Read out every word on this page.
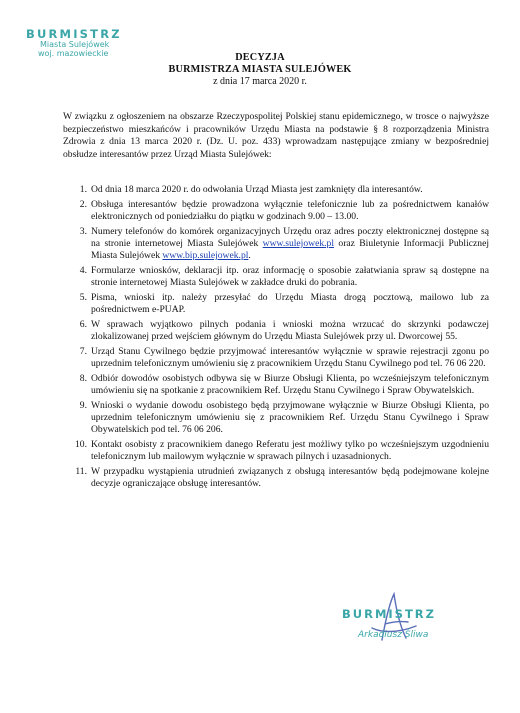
BURMISTRZ
Miasta Sulejówek
woj. mazowieckie	DECYZJA
BURMISTRZA MIASTA SULEJÓWEK
z dnia 17 marca 2020 r.
W związku z ogłoszeniem na obszarze Rzeczypospolitej Polskiej stanu epidemicznego, w trosce o najwyższe bezpieczeństwo mieszkańców i pracowników Urzędu Miasta na podstawie § 8 rozporządzenia Ministra Zdrowia z dnia 13 marca 2020 r. (Dz. U. poz. 433) wprowadzam następujące zmiany w bezpośredniej obsłudze interesantów przez Urząd Miasta Sulejówek:
1. Od dnia 18 marca 2020 r. do odwołania Urząd Miasta jest zamknięty dla interesantów.
2. Obsługa interesantów będzie prowadzona wyłącznie telefonicznie lub za pośrednictwem kanałów elektronicznych od poniedziałku do piątku w godzinach 9.00 – 13.00.
3. Numery telefonów do komórek organizacyjnych Urzędu oraz adres poczty elektronicznej dostępne są na stronie internetowej Miasta Sulejówek www.sulejowek.pl oraz Biuletynie Informacji Publicznej Miasta Sulejówek www.bip.sulejowek.pl.
4. Formularze wniosków, deklaracji itp. oraz informację o sposobie załatwiania spraw są dostępne na stronie internetowej Miasta Sulejówek w zakładce druki do pobrania.
5. Pisma, wnioski itp. należy przesyłać do Urzędu Miasta drogą pocztową, mailowo lub za pośrednictwem e-PUAP.
6. W sprawach wyjątkowo pilnych podania i wnioski można wrzucać do skrzynki podawczej zlokalizowanej przed wejściem głównym do Urzędu Miasta Sulejówek przy ul. Dworcowej 55.
7. Urząd Stanu Cywilnego będzie przyjmować interesantów wyłącznie w sprawie rejestracji zgonu po uprzednim telefonicznym umówieniu się z pracownikiem Urzędu Stanu Cywilnego pod tel. 76 06 220.
8. Odbiór dowodów osobistych odbywa się w Biurze Obsługi Klienta, po wcześniejszym telefonicznym umówieniu się na spotkanie z pracownikiem Ref. Urzędu Stanu Cywilnego i Spraw Obywatelskich.
9. Wnioski o wydanie dowodu osobistego będą przyjmowane wyłącznie w Biurze Obsługi Klienta, po uprzednim telefonicznym umówieniu się z pracownikiem Ref. Urzędu Stanu Cywilnego i Spraw Obywatelskich pod tel. 76 06 206.
10. Kontakt osobisty z pracownikiem danego Referatu jest możliwy tylko po wcześniejszym uzgodnieniu telefonicznym lub mailowym wyłącznie w sprawach pilnych i uzasadnionych.
11. W przypadku wystąpienia utrudnień związanych z obsługą interesantów będą podejmowane kolejne decyzje ograniczające obsługę interesantów.
BURMISTRZ
Arkadiusz Śliwa
